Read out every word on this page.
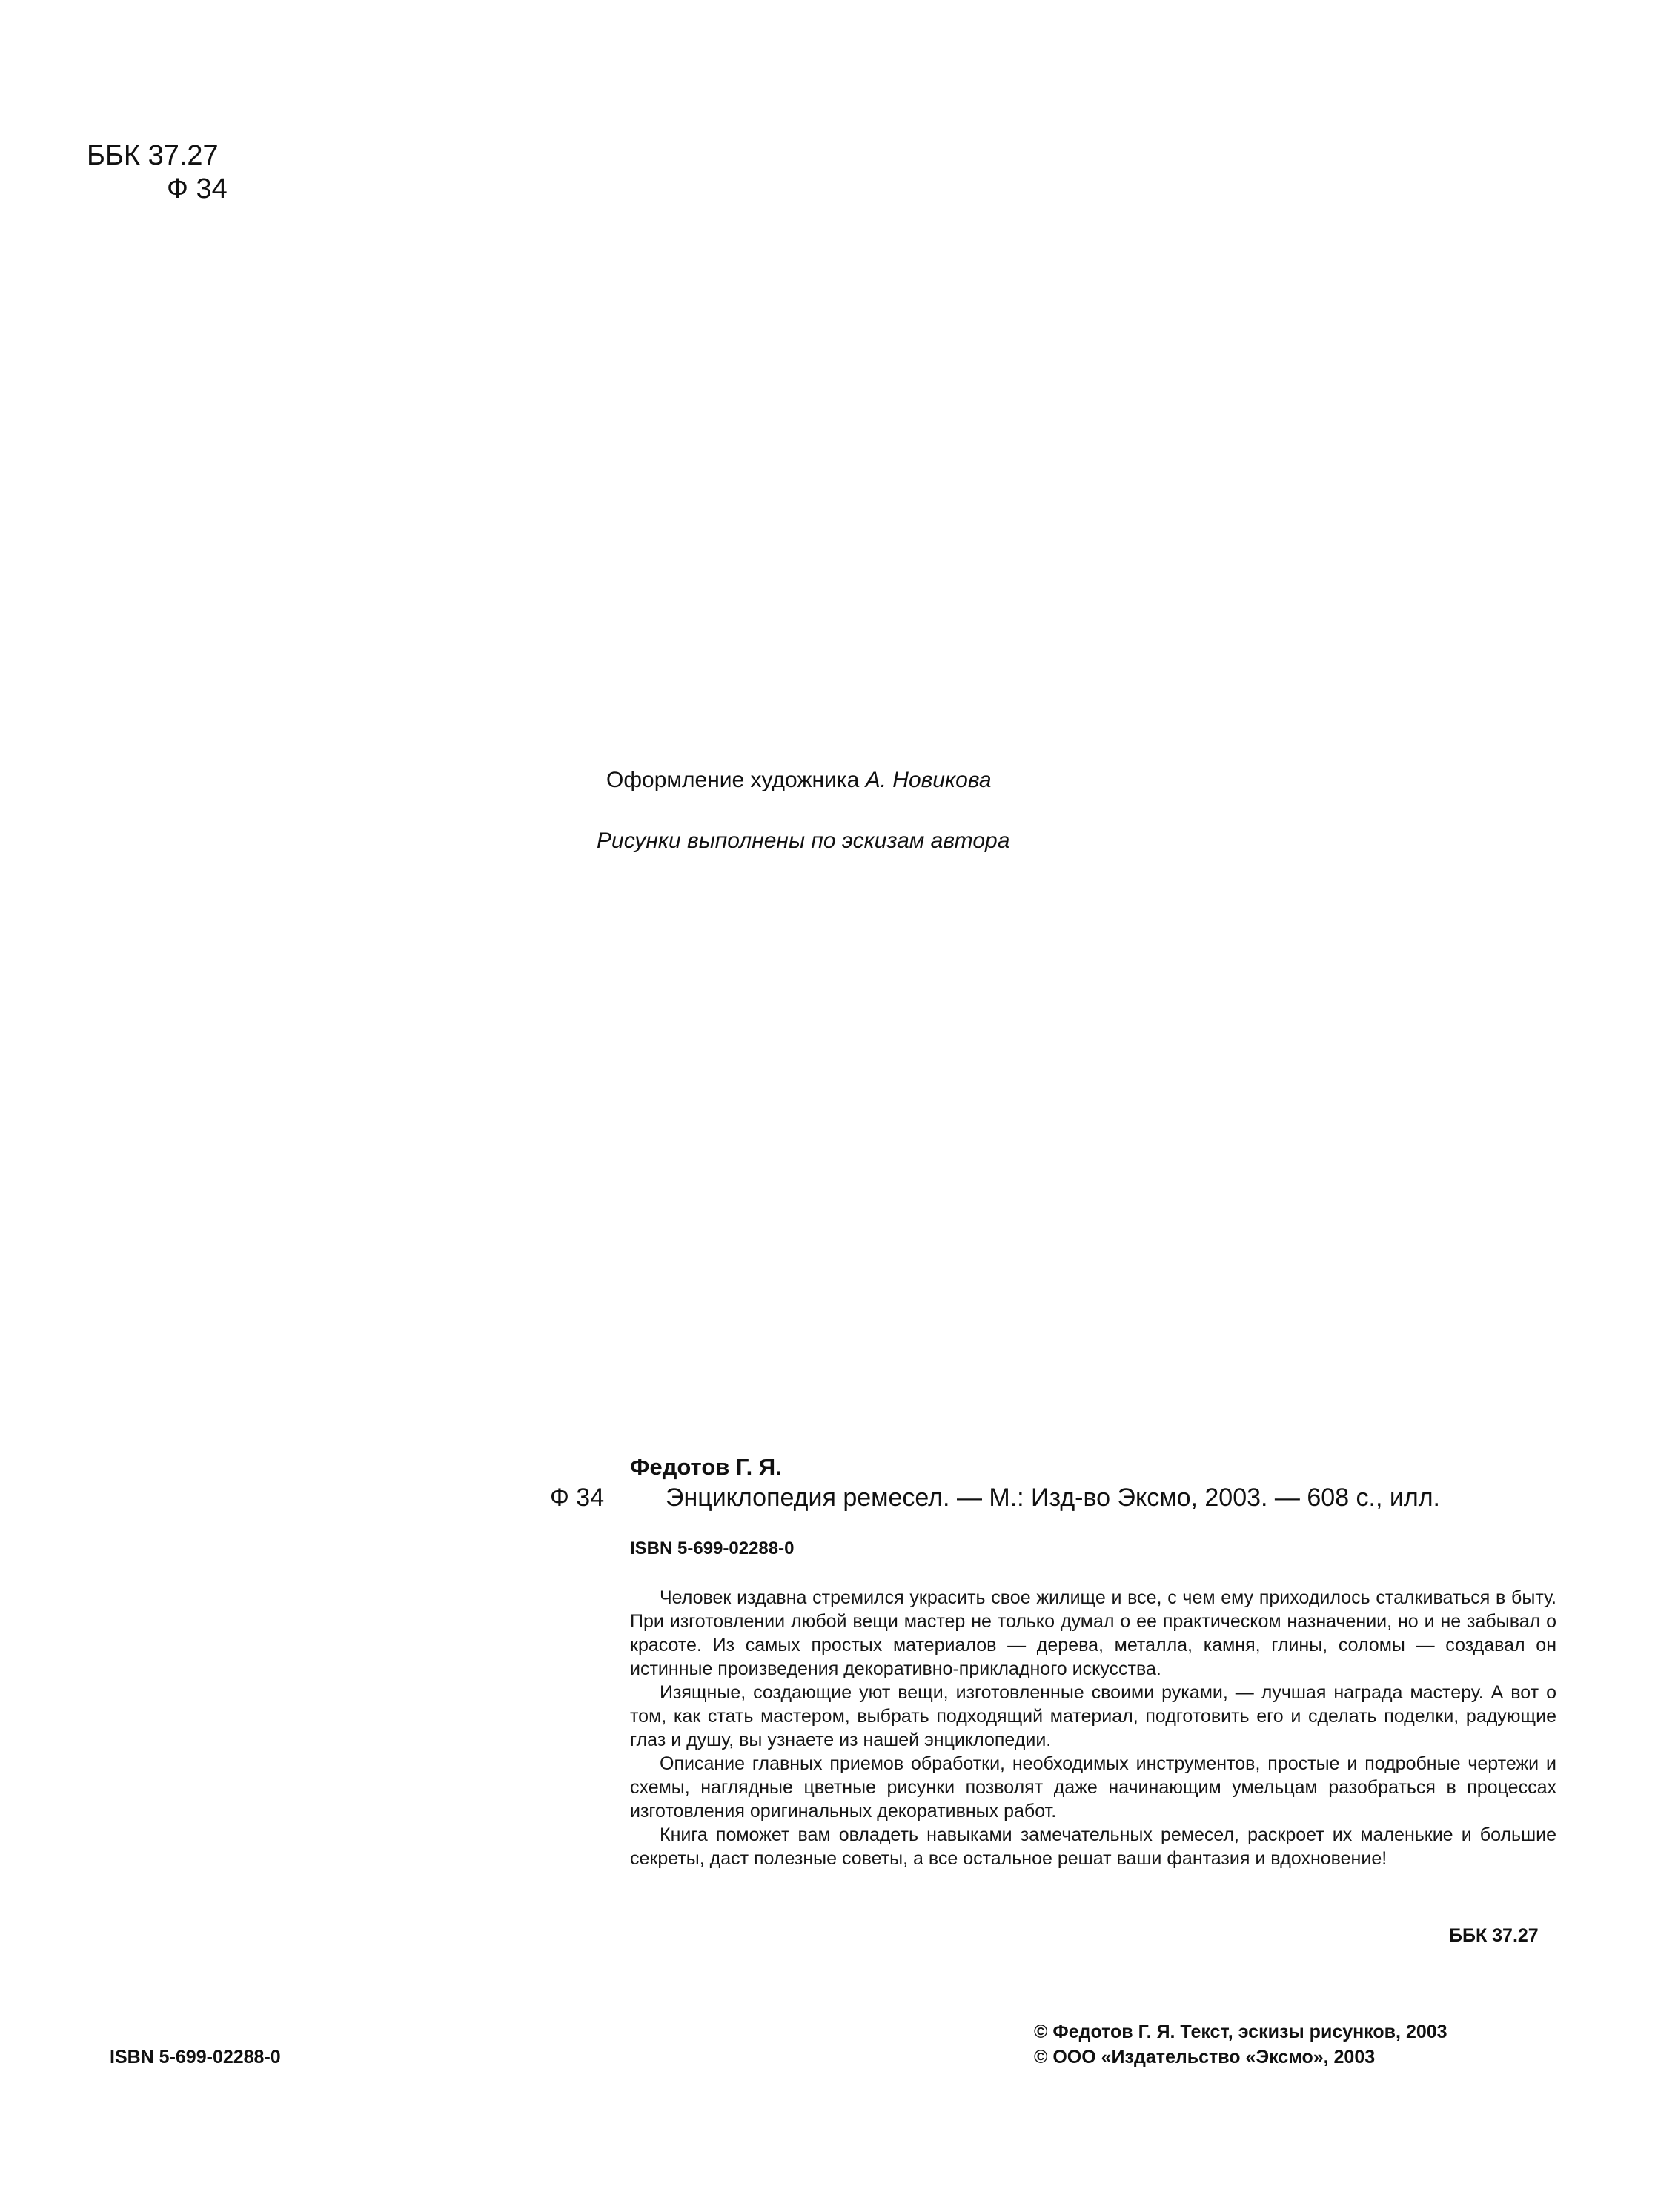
ББК 37.27
Ф 34
Оформление художника А. Новикова
Рисунки выполнены по эскизам автора
Федотов Г. Я.
Ф 34 Энциклопедия ремесел. — М.: Изд-во Эксмо, 2003. — 608 с., илл.
ISBN 5-699-02288-0

Человек издавна стремился украсить свое жилище и все, с чем ему приходилось сталкиваться в быту. При изготовлении любой вещи мастер не только думал о ее практическом назначении, но и не забывал о красоте. Из самых простых материалов — дерева, металла, камня, глины, соломы — создавал он истинные произведения декоративно-прикладного искусства.

Изящные, создающие уют вещи, изготовленные своими руками, — лучшая награда мастеру. А вот о том, как стать мастером, выбрать подходящий материал, подготовить его и сделать поделки, радующие глаз и душу, вы узнаете из нашей энциклопедии.

Описание главных приемов обработки, необходимых инструментов, простые и подробные чертежи и схемы, наглядные цветные рисунки позволят даже начинающим умельцам разобраться в процессах изготовления оригинальных декоративных работ.

Книга поможет вам овладеть навыками замечательных ремесел, раскроет их маленькие и большие секреты, даст полезные советы, а все остальное решат ваши фантазия и вдохновение!

ББК 37.27
ISBN 5-699-02288-0
© Федотов Г. Я. Текст, эскизы рисунков, 2003
© ООО «Издательство «Эксмо», 2003
